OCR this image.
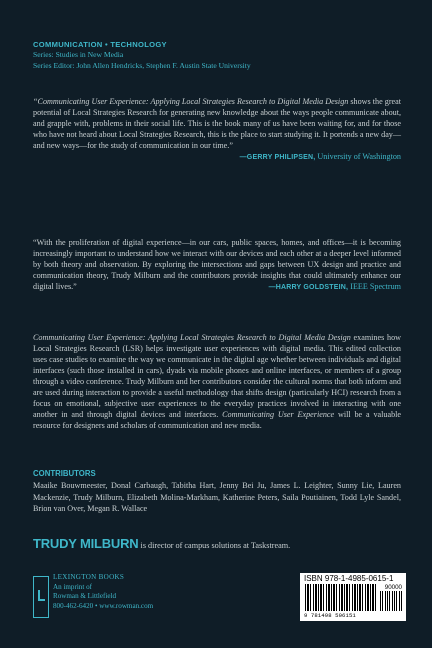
COMMUNICATION • TECHNOLOGY
Series: Studies in New Media
Series Editor: John Allen Hendricks, Stephen F. Austin State University
“Communicating User Experience: Applying Local Strategies Research to Digital Media Design shows the great potential of Local Strategies Research for generating new knowledge about the ways people communicate about, and grapple with, problems in their social life. This is the book many of us have been waiting for, and for those who have not heard about Local Strategies Research, this is the place to start studying it. It portends a new day—and new ways—for the study of communication in our time.”
—GERRY PHILIPSEN, University of Washington
“With the proliferation of digital experience—in our cars, public spaces, homes, and offices—it is becoming increasingly important to understand how we interact with our devices and each other at a deeper level informed by both theory and observation. By exploring the intersections and gaps between UX design and practice and communication theory, Trudy Milburn and the contributors provide insights that could ultimately enhance our digital lives.”	—HARRY GOLDSTEIN, IEEE Spectrum
Communicating User Experience: Applying Local Strategies Research to Digital Media Design examines how Local Strategies Research (LSR) helps investigate user experiences with digital media. This edited collection uses case studies to examine the way we communicate in the digital age whether between individuals and digital interfaces (such those installed in cars), dyads via mobile phones and online interfaces, or members of a group through a video conference. Trudy Milburn and her contributors consider the cultural norms that both inform and are used during interaction to provide a useful methodology that shifts design (particularly HCI) research from a focus on emotional, subjective user experiences to the everyday practices involved in interacting with one another in and through digital devices and interfaces. Communicating User Experience will be a valuable resource for designers and scholars of communication and new media.
CONTRIBUTORS
Maaike Bouwmeester, Donal Carbaugh, Tabitha Hart, Jenny Bei Ju, James L. Leighter, Sunny Lie, Lauren Mackenzie, Trudy Milburn, Elizabeth Molina-Markham, Katherine Peters, Saila Poutiainen, Todd Lyle Sandel, Brion van Over, Megan R. Wallace
TRUDY MILBURN is director of campus solutions at Taskstream.
LEXINGTON BOOKS
An imprint of
Rowman & Littlefield
800-462-6420 • www.rowman.com
ISBN 978-1-4985-0615-1
90000
9 781498 506151
